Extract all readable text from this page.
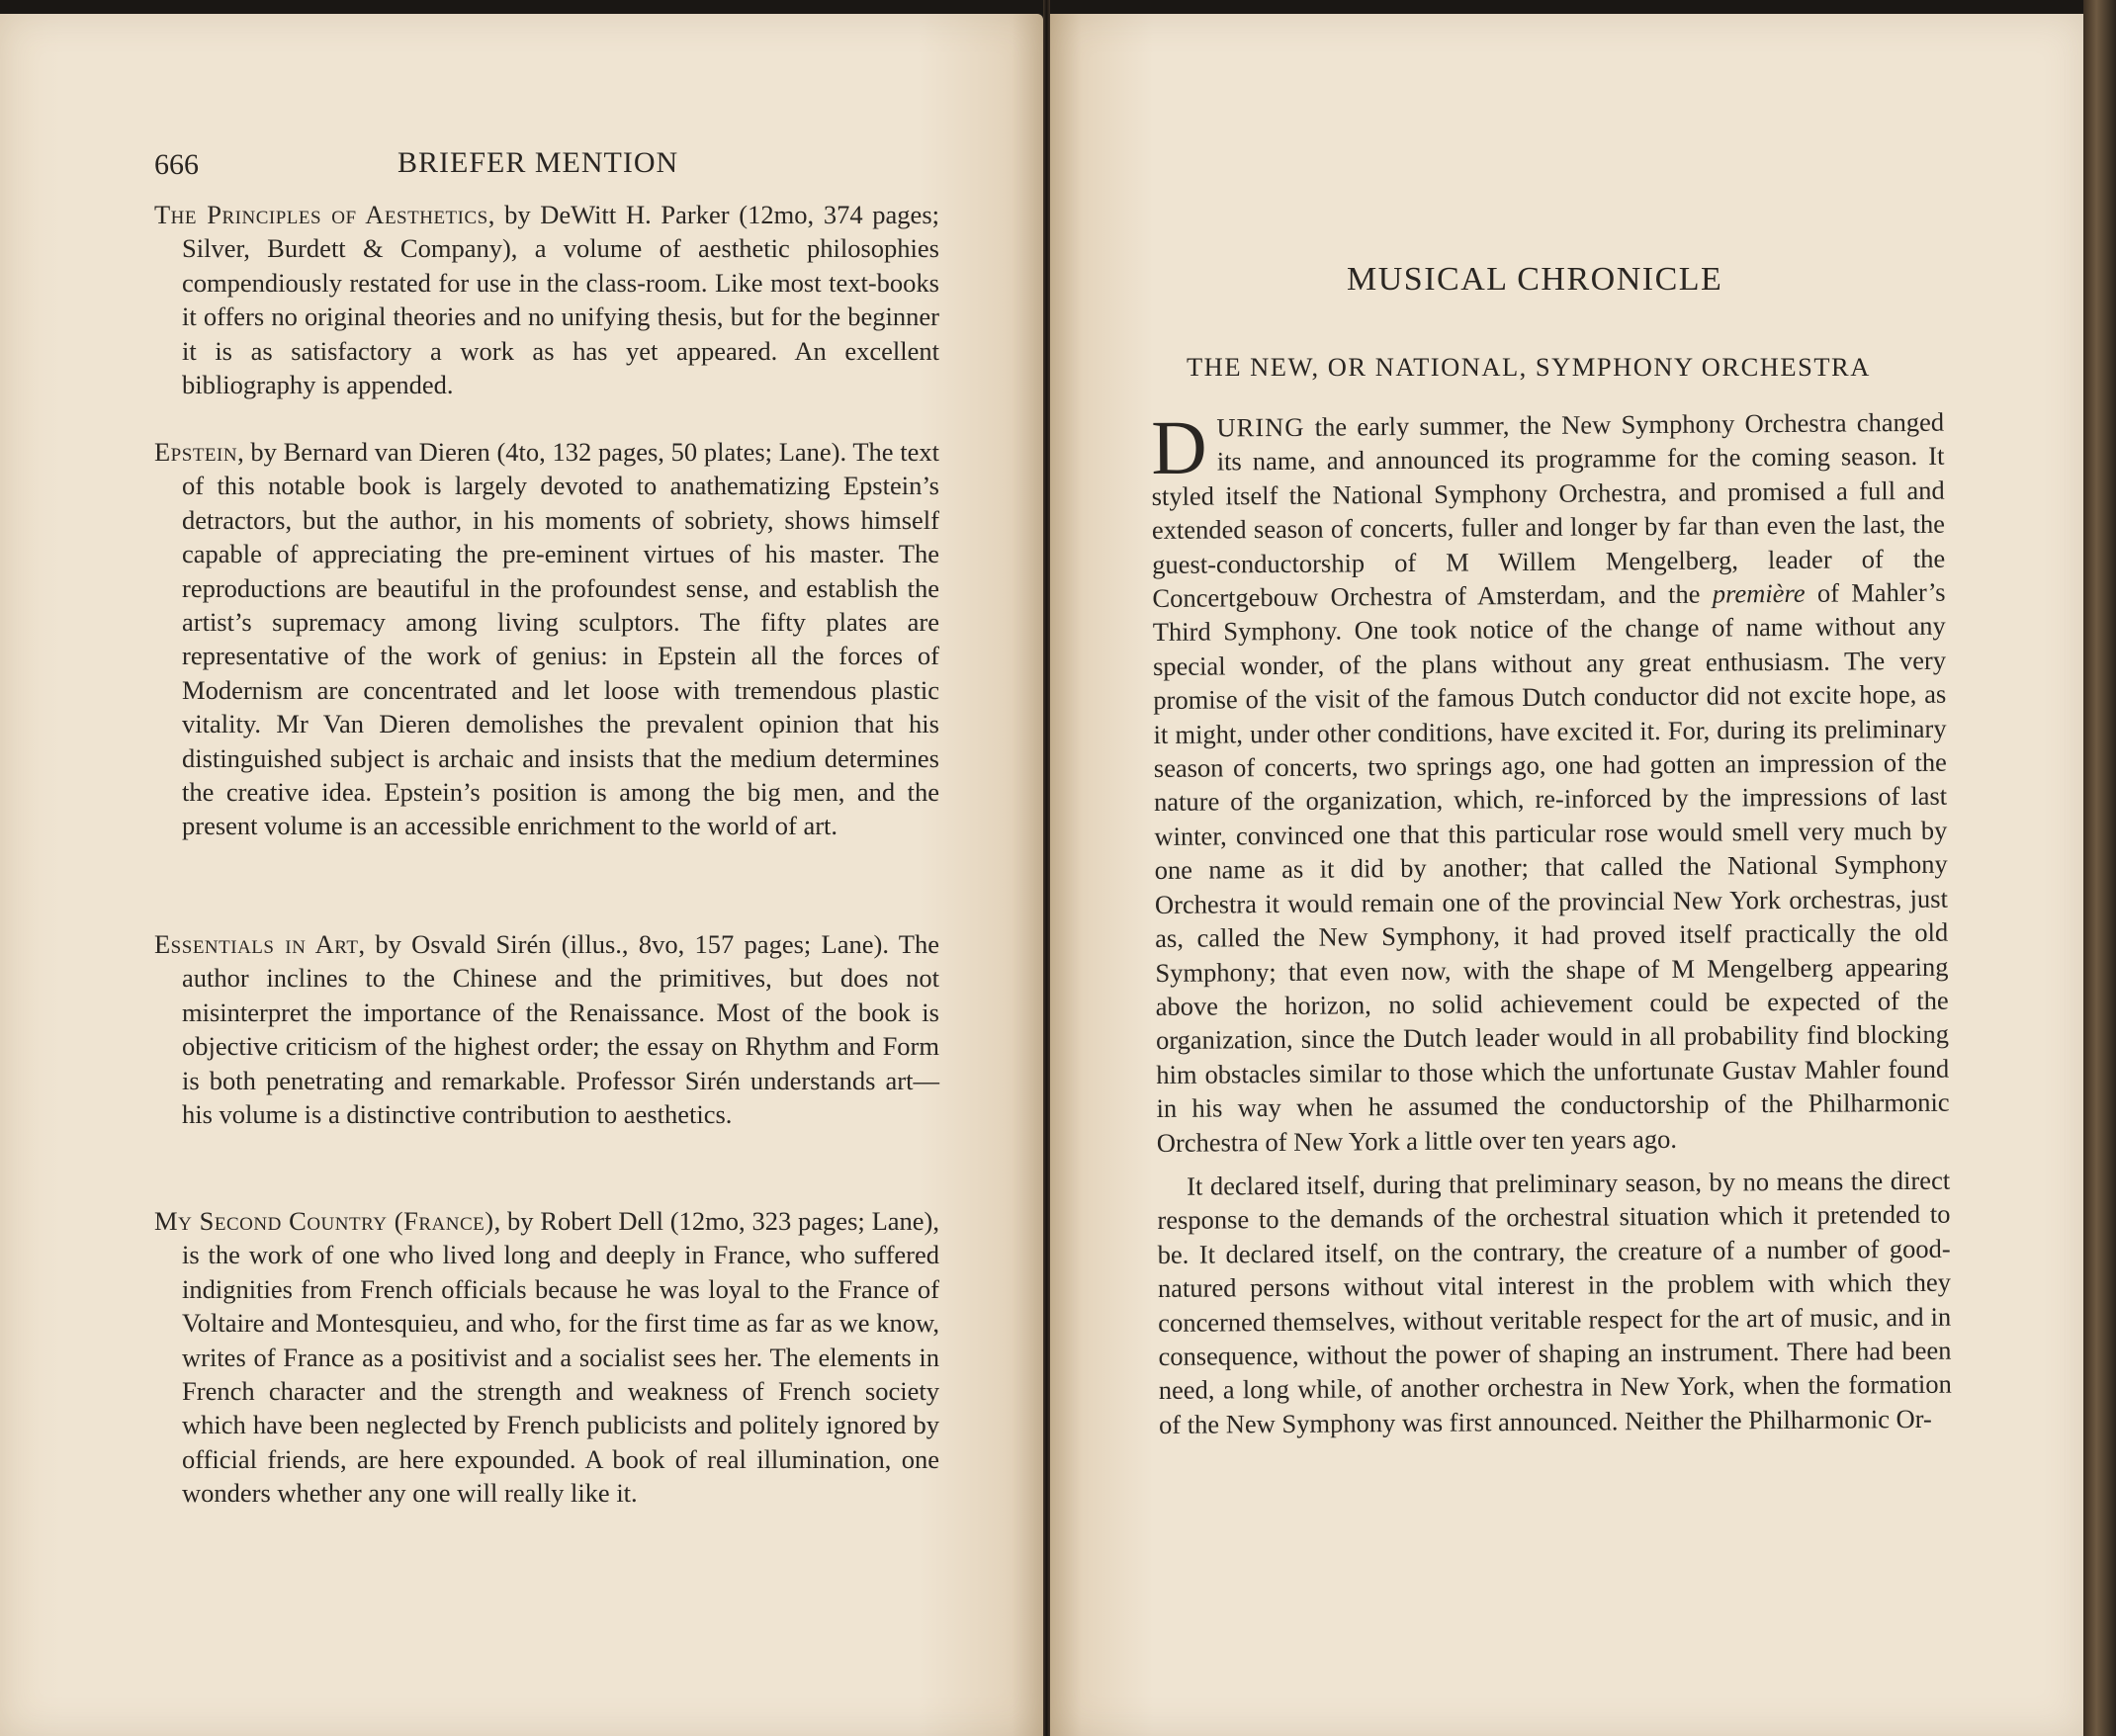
666	BRIEFER MENTION

The Principles of Aesthetics, by DeWitt H. Parker (12mo, 374 pages; Silver, Burdett & Company), a volume of aesthetic philosophies compendiously restated for use in the class-room. Like most text-books it offers no original theories and no unifying thesis, but for the beginner it is as satisfactory a work as has yet appeared. An excellent bibliography is appended.

Epstein, by Bernard van Dieren (4to, 132 pages, 50 plates; Lane). The text of this notable book is largely devoted to anathematizing Epstein’s detractors, but the author, in his moments of sobriety, shows himself capable of appreciating the pre-eminent virtues of his master. The reproductions are beautiful in the profoundest sense, and establish the artist’s supremacy among living sculptors. The fifty plates are representative of the work of genius: in Epstein all the forces of Modernism are concentrated and let loose with tremendous plastic vitality. Mr Van Dieren demolishes the prevalent opinion that his distinguished subject is archaic and insists that the medium determines the creative idea. Epstein’s position is among the big men, and the present volume is an accessible enrichment to the world of art.

Essentials in Art, by Osvald Sirén (illus., 8vo, 157 pages; Lane). The author inclines to the Chinese and the primitives, but does not misinterpret the importance of the Renaissance. Most of the book is objective criticism of the highest order; the essay on Rhythm and Form is both penetrating and remarkable. Professor Sirén understands art—his volume is a distinctive contribution to aesthetics.

My Second Country (France), by Robert Dell (12mo, 323 pages; Lane), is the work of one who lived long and deeply in France, who suffered indignities from French officials because he was loyal to the France of Voltaire and Montesquieu, and who, for the first time as far as we know, writes of France as a positivist and a socialist sees her. The elements in French character and the strength and weakness of French society which have been neglected by French publicists and politely ignored by official friends, are here expounded. A book of real illumination, one wonders whether any one will really like it.

MUSICAL CHRONICLE
THE NEW, OR NATIONAL, SYMPHONY ORCHESTRA

DURING the early summer, the New Symphony Orchestra changed its name, and announced its programme for the coming season. It styled itself the National Symphony Orchestra, and promised a full and extended season of concerts, fuller and longer by far than even the last, the guest-conductorship of M Willem Mengelberg, leader of the Concertgebouw Orchestra of Amsterdam, and the première of Mahler’s Third Symphony. One took notice of the change of name without any special wonder, of the plans without any great enthusiasm. The very promise of the visit of the famous Dutch conductor did not excite hope, as it might, under other conditions, have excited it. For, during its preliminary season of concerts, two springs ago, one had gotten an impression of the nature of the organization, which, re-inforced by the impressions of last winter, convinced one that this particular rose would smell very much by one name as it did by another; that called the National Symphony Orchestra it would remain one of the provincial New York orchestras, just as, called the New Symphony, it had proved itself practically the old Symphony; that even now, with the shape of M Mengelberg appearing above the horizon, no solid achievement could be expected of the organization, since the Dutch leader would in all probability find blocking him obstacles similar to those which the unfortunate Gustav Mahler found in his way when he assumed the conductorship of the Philharmonic Orchestra of New York a little over ten years ago.

It declared itself, during that preliminary season, by no means the direct response to the demands of the orchestral situation which it pretended to be. It declared itself, on the contrary, the creature of a number of good-natured persons without vital interest in the problem with which they concerned themselves, without veritable respect for the art of music, and in consequence, without the power of shaping an instrument. There had been need, a long while, of another orchestra in New York, when the formation of the New Symphony was first announced. Neither the Philharmonic Or-
